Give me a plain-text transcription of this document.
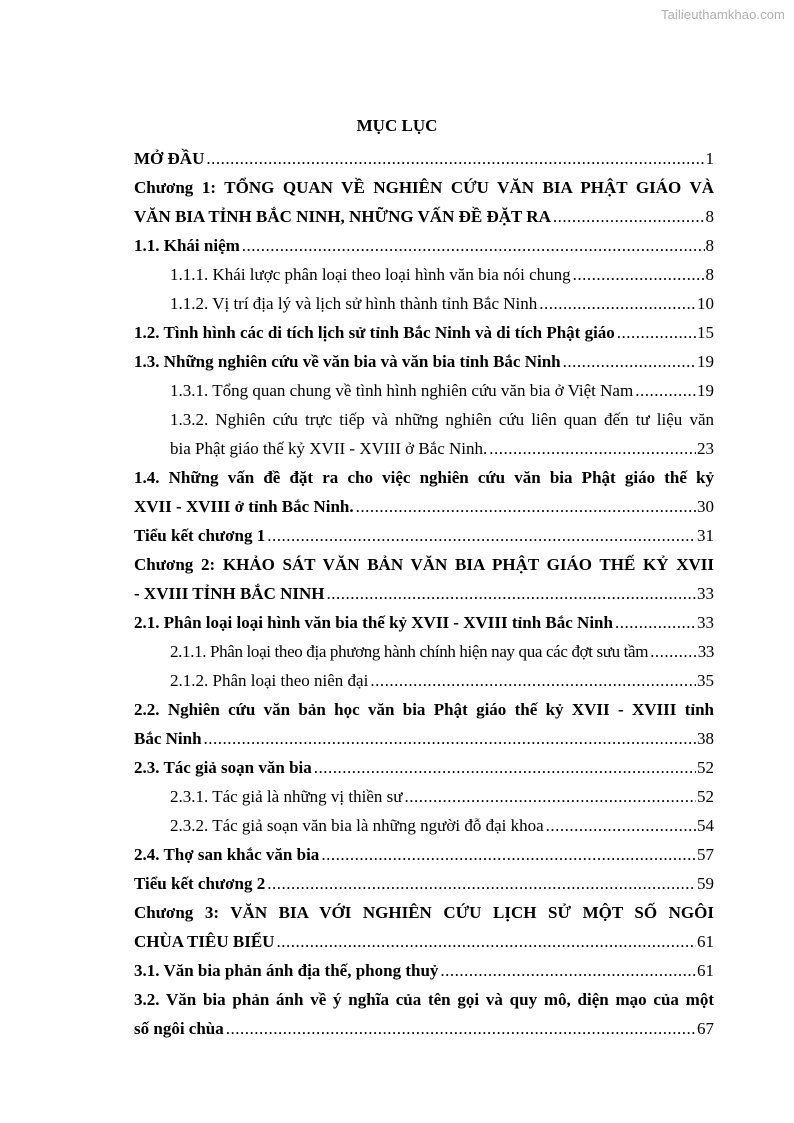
Tailieuthamkhao.com
MỤC LỤC
MỞ ĐẦU .....	1
Chương 1: TỔNG QUAN VỀ NGHIÊN CỨU VĂN BIA PHẬT GIÁO VÀ
VĂN BIA TỈNH BẮC NINH, NHỮNG VẤN ĐỀ ĐẶT RA .....	8
1.1. Khái niệm .....	8
1.1.1. Khái lược phân loại theo loại hình văn bia nói chung .....	8
1.1.2. Vị trí địa lý và lịch sử hình thành tỉnh Bắc Ninh .....	10
1.2. Tình hình các di tích lịch sử tỉnh Bắc Ninh và di tích Phật giáo .....	15
1.3. Những nghiên cứu về văn bia và văn bia tỉnh Bắc Ninh .....	19
1.3.1. Tổng quan chung về tình hình nghiên cứu văn bia ở Việt Nam .....	19
1.3.2. Nghiên cứu trực tiếp và những nghiên cứu liên quan đến tư liệu văn
bia Phật giáo thế kỷ XVII - XVIII ở Bắc Ninh. .....	23
1.4. Những vấn đề đặt ra cho việc nghiên cứu văn bia Phật giáo thế kỷ
XVII - XVIII ở tỉnh Bắc Ninh. .....	30
Tiểu kết chương 1 .....	31
Chương 2: KHẢO SÁT VĂN BẢN VĂN BIA PHẬT GIÁO THẾ KỶ XVII
- XVIII TỈNH BẮC NINH .....	33
2.1. Phân loại loại hình văn bia thế kỷ XVII - XVIII tỉnh Bắc Ninh .....	33
2.1.1. Phân loại theo địa phương hành chính hiện nay qua các đợt sưu tầm .....	33
2.1.2. Phân loại theo niên đại .....	35
2.2. Nghiên cứu văn bản học văn bia Phật giáo thế kỷ XVII - XVIII tỉnh
Bắc Ninh .....	38
2.3. Tác giả soạn văn bia .....	52
2.3.1. Tác giả là những vị thiền sư .....	52
2.3.2. Tác giả soạn văn bia là những người đỗ đại khoa .....	54
2.4. Thợ san khắc văn bia .....	57
Tiểu kết chương 2 .....	59
Chương 3: VĂN BIA VỚI NGHIÊN CỨU LỊCH SỬ MỘT SỐ NGÔI
CHÙA TIÊU BIỂU .....	61
3.1. Văn bia phản ánh địa thế, phong thuỷ .....	61
3.2. Văn bia phản ánh về ý nghĩa của tên gọi và quy mô, diện mạo của một
số ngôi chùa .....	67
